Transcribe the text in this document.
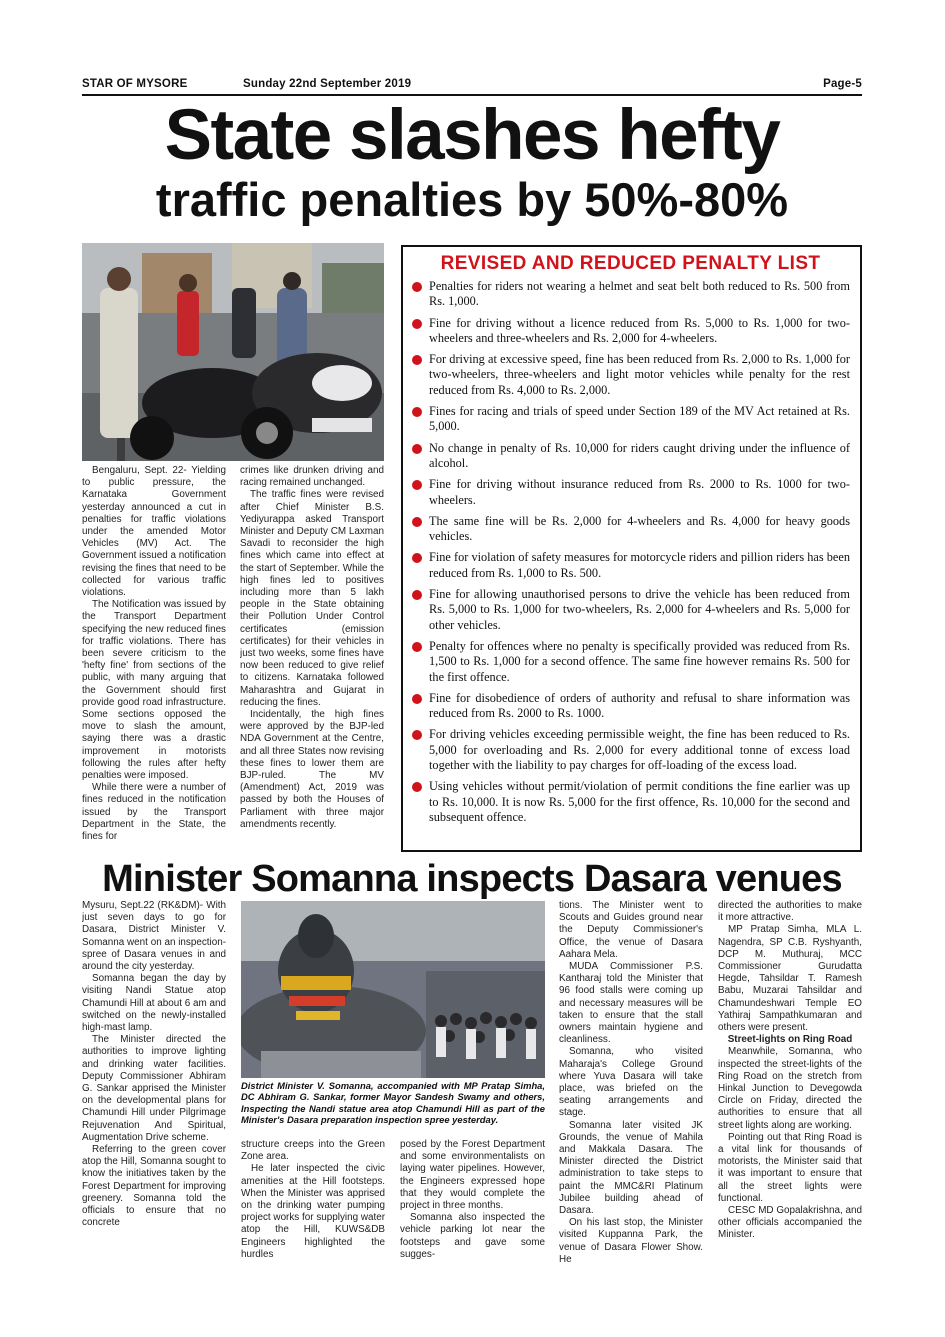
STAR OF MYSORE	Sunday 22nd September 2019	Page-5
State slashes hefty
traffic penalties by 50%-80%

Bengaluru, Sept. 22- Yielding to public pressure, the Karnataka Government yesterday announced a cut in penalties for traffic violations under the amended Motor Vehicles (MV) Act. The Government issued a notification revising the fines that need to be collected for various traffic violations.

The Notification was issued by the Transport Department specifying the new reduced fines for traffic violations. There has been severe criticism to the 'hefty fine' from sections of the public, with many arguing that the Government should first provide good road infrastructure. Some sections opposed the move to slash the amount, saying there was a drastic improvement in motorists following the rules after hefty penalties were imposed.

While there were a number of fines reduced in the notification issued by the Transport Department in the State, the fines for

crimes like drunken driving and racing remained unchanged.

The traffic fines were revised after Chief Minister B.S. Yediyurappa asked Transport Minister and Deputy CM Laxman Savadi to reconsider the high fines which came into effect at the start of September. While the high fines led to positives including more than 5 lakh people in the State obtaining their Pollution Under Control certificates (emission certificates) for their vehicles in just two weeks, some fines have now been reduced to give relief to citizens. Karnataka followed Maharashtra and Gujarat in reducing the fines.

Incidentally, the high fines were approved by the BJP-led NDA Government at the Centre, and all three States now revising these fines to lower them are BJP-ruled. The MV (Amendment) Act, 2019 was passed by both the Houses of Parliament with three major amendments recently.

REVISED AND REDUCED PENALTY LIST
Penalties for riders not wearing a helmet and seat belt both reduced to Rs. 500 from Rs. 1,000.
Fine for driving without a licence reduced from Rs. 5,000 to Rs. 1,000 for two-wheelers and three-wheelers and Rs. 2,000 for 4-wheelers.
For driving at excessive speed, fine has been reduced from Rs. 2,000 to Rs. 1,000 for two-wheelers, three-wheelers and light motor vehicles while penalty for the rest reduced from Rs. 4,000 to Rs. 2,000.
Fines for racing and trials of speed under Section 189 of the MV Act retained at Rs. 5,000.
No change in penalty of Rs. 10,000 for riders caught driving under the influence of alcohol.
Fine for driving without insurance reduced from Rs. 2000 to Rs. 1000 for two-wheelers.
The same fine will be Rs. 2,000 for 4-wheelers and Rs. 4,000 for heavy goods vehicles.
Fine for violation of safety measures for motorcycle riders and pillion riders has been reduced from Rs. 1,000 to Rs. 500.
Fine for allowing unauthorised persons to drive the vehicle has been reduced from Rs. 5,000 to Rs. 1,000 for two-wheelers, Rs. 2,000 for 4-wheelers and Rs. 5,000 for other vehicles.
Penalty for offences where no penalty is specifically provided was reduced from Rs. 1,500 to Rs. 1,000 for a second offence. The same fine however remains Rs. 500 for the first offence.
Fine for disobedience of orders of authority and refusal to share information was reduced from Rs. 2000 to Rs. 1000.
For driving vehicles exceeding permissible weight, the fine has been reduced to Rs. 5,000 for overloading and Rs. 2,000 for every additional tonne of excess load together with the liability to pay charges for off-loading of the excess load.
Using vehicles without permit/violation of permit conditions the fine earlier was up to Rs. 10,000. It is now Rs. 5,000 for the first offence, Rs. 10,000 for the second and subsequent offence.
Minister Somanna inspects Dasara venues

Mysuru, Sept.22 (RK&DM)- With just seven days to go for Dasara, District Minister V. Somanna went on an inspection-spree of Dasara venues in and around the city yesterday.

Somanna began the day by visiting Nandi Statue atop Chamundi Hill at about 6 am and switched on the newly-installed high-mast lamp.

The Minister directed the authorities to improve lighting and drinking water facilities. Deputy Commissioner Abhiram G. Sankar apprised the Minister on the developmental plans for Chamundi Hill under Pilgrimage Rejuvenation And Spiritual, Augmentation Drive scheme.

Referring to the green cover atop the Hill, Somanna sought to know the initiatives taken by the Forest Department for improving greenery. Somanna told the officials to ensure that no concrete

District Minister V. Somanna, accompanied with MP Pratap Simha, DC Abhiram G. Sankar, former Mayor Sandesh Swamy and others, Inspecting the Nandi statue area atop Chamundi Hill as part of the Minister's Dasara preparation inspection spree yesterday.

structure creeps into the Green Zone area.

He later inspected the civic amenities at the Hill footsteps. When the Minister was apprised on the drinking water pumping project works for supplying water atop the Hill, KUWS&DB Engineers highlighted the hurdles

posed by the Forest Department and some environmentalists on laying water pipelines. However, the Engineers expressed hope that they would complete the project in three months.

Somanna also inspected the vehicle parking lot near the footsteps and gave some sugges-

tions. The Minister went to Scouts and Guides ground near the Deputy Commissioner's Office, the venue of Dasara Aahara Mela.

MUDA Commissioner P.S. Kantharaj told the Minister that 96 food stalls were coming up and necessary measures will be taken to ensure that the stall owners maintain hygiene and cleanliness.

Somanna, who visited Maharaja's College Ground where Yuva Dasara will take place, was briefed on the seating arrangements and stage.

Somanna later visited JK Grounds, the venue of Mahila and Makkala Dasara. The Minister directed the District administration to take steps to paint the MMC&RI Platinum Jubilee building ahead of Dasara.

On his last stop, the Minister visited Kuppanna Park, the venue of Dasara Flower Show. He

directed the authorities to make it more attractive.

MP Pratap Simha, MLA L. Nagendra, SP C.B. Ryshyanth, DCP M. Muthuraj, MCC Commissioner Gurudatta Hegde, Tahsildar T. Ramesh Babu, Muzarai Tahsildar and Chamundeshwari Temple EO Yathiraj Sampathkumaran and others were present.

Street-lights on Ring Road

Meanwhile, Somanna, who inspected the street-lights of the Ring Road on the stretch from Hinkal Junction to Devegowda Circle on Friday, directed the authorities to ensure that all street lights along are working.

Pointing out that Ring Road is a vital link for thousands of motorists, the Minister said that it was important to ensure that all the street lights were functional.

CESC MD Gopalakrishna, and other officials accompanied the Minister.
